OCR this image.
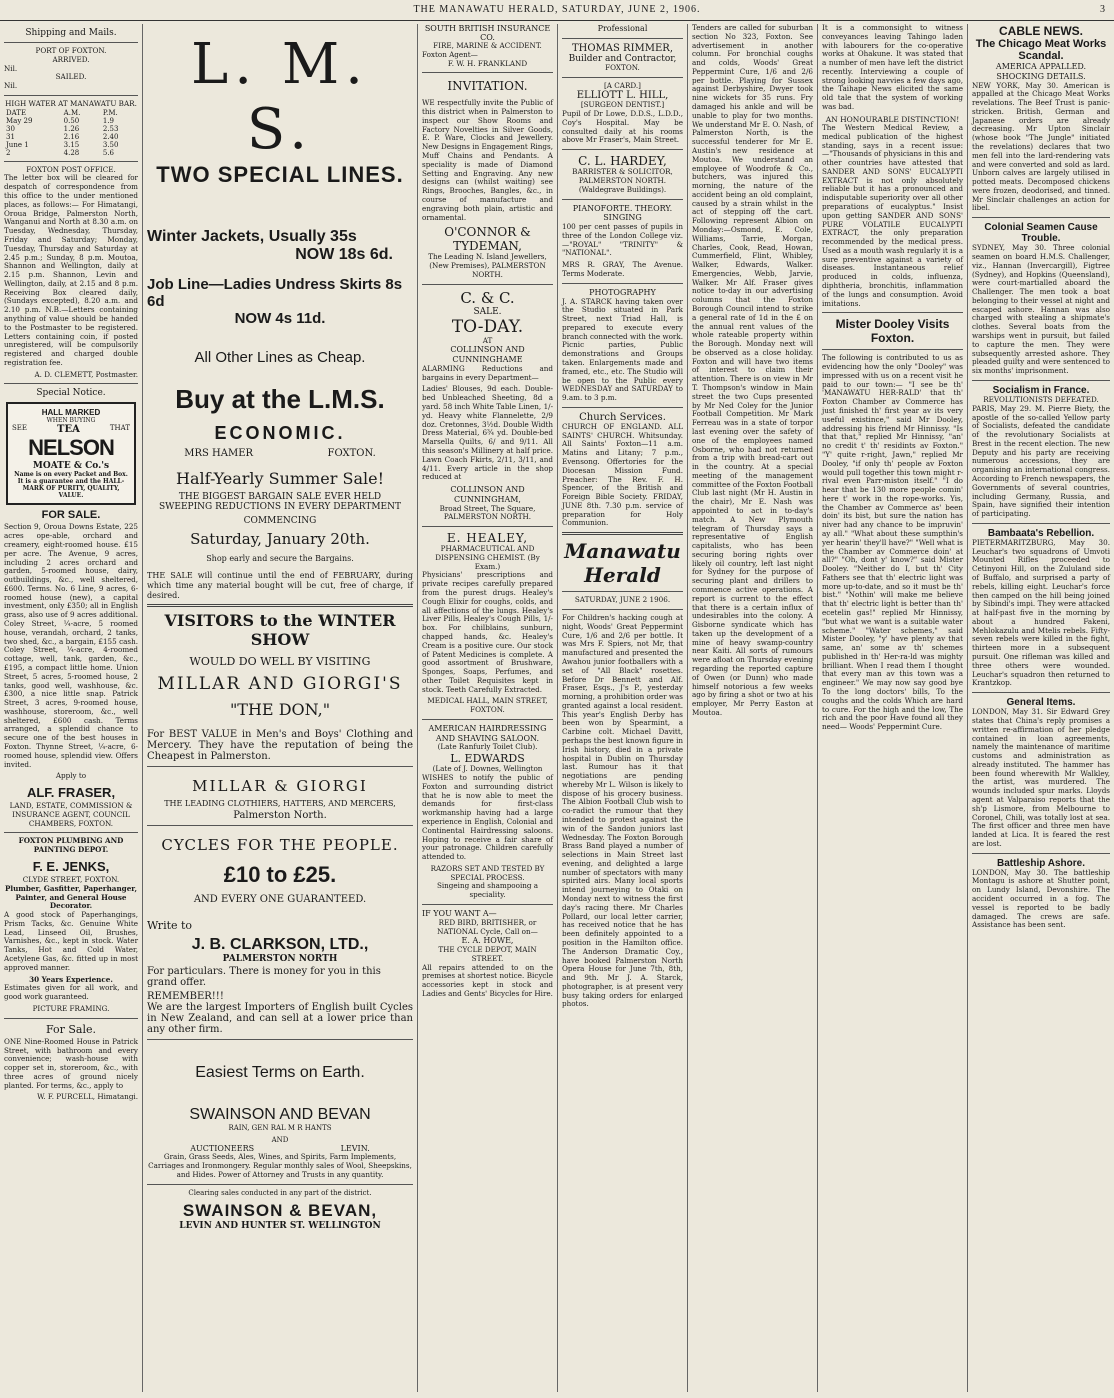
THE MANAWATU HERALD, SATURDAY, JUNE 2, 1906.	3
Shipping and Mails.
PORT OF FOXTON.
ARRIVED.
Nil.
SAILED.
Nil.
HIGH WATER AT MANAWATU BAR.
DATE	A.M.	P.M.
May 29	0.50	1.9
30	1.26	2.53
31	2.16	2.40
June 1	3.15	3.50
2	4.28	5.6
FOXTON POST OFFICE.

The letter box will be cleared for despatch of correspondence from this office to the under mentioned places, as follows:— For Himatangi, Oroua Bridge, Palmerston North, Wanganui and North at 8.30 a.m. on Tuesday, Wednesday, Thursday, Friday and Saturday; Monday, Tuesday, Thursday and Saturday at 2.45 p.m.; Sunday, 8 p.m. Moutoa, Shannon and Wellington, daily at 2.15 p.m. Shannon, Levin and Wellington, daily, at 2.15 and 8 p.m. Receiving Box cleared daily, (Sundays excepted), 8.20 a.m. and 2.10 p.m. N.B.—Letters containing anything of value should be handed to the Postmaster to be registered. Letters containing coin, if posted unregistered, will be compulsorily registered and charged double registration fee.

A. D. CLEMETT, Postmaster.

Special Notice.
HALL MARKED
WHEN BUYING
SEE	TEA	THAT
NELSON
MOATE & Co.'s
Name is on every Packet and Box. It is a guarantee and the HALL-MARK OF PURITY, QUALITY, VALUE.
FOR SALE.

Section 9, Oroua Downs Estate, 225 acres ope-able, orchard and creamery, eight-roomed house. £15 per acre. The Avenue, 9 acres, including 2 acres orchard and garden, 5-roomed house, dairy, outbuildings, &c., well sheltered, £600. Terms. No. 6 Line, 9 acres, 6-roomed house (new), a capital investment, only £350; all in English grass, also use of 9 acres additional. Coley Street, ¼-acre, 5 roomed house, verandah, orchard, 2 tanks, two shed, &c., a bargain, £155 cash. Coley Street, ¼-acre, 4-roomed cottage, well, tank, garden, &c., £195, a compact little home. Union Street, 5 acres, 5-roomed house, 2 tanks, good well, washhouse, &c. £300, a nice little snap. Patrick Street, 3 acres, 9-roomed house, washhouse, storeroom, &c., well sheltered, £600 cash. Terms arranged, a splendid chance to secure one of the best houses in Foxton. Thynne Street, ¼-acre, 6-roomed house, splendid view. Offers invited.

Apply to
ALF. FRASER,
LAND, ESTATE, COMMISSION & INSURANCE AGENT, COUNCIL CHAMBERS, FOXTON.
FOXTON PLUMBING AND PAINTING DEPOT.
F. E. JENKS,
CLYDE STREET, FOXTON.
Plumber, Gasfitter, Paperhanger, Painter, and General House Decorator.

A good stock of Paperhangings, Prism Tacks, &c. Genuine White Lead, Linseed Oil, Brushes, Varnishes, &c., kept in stock. Water Tanks, Hot and Cold Water, Acetylene Gas, &c. fitted up in most approved manner.

30 Years Experience.

Estimates given for all work, and good work guaranteed.

PICTURE FRAMING.
For Sale.

ONE Nine-Roomed House in Patrick Street, with bathroom and every convenience; wash-house with copper set in, storeroom, &c., with three acres of ground nicely planted. For terms, &c., apply to

W. F. PURCELL, Himatangi.

L. M. S.
TWO SPECIAL LINES.
Winter Jackets, Usually 35s
NOW 18s 6d.
Job Line—Ladies Undress Skirts 8s 6d
NOW 4s 11d.
All Other Lines as Cheap.
Buy at the L.M.S.
ECONOMIC.
MRS HAMER	FOXTON.
Half-Yearly Summer Sale!
THE BIGGEST BARGAIN SALE EVER HELD
SWEEPING REDUCTIONS IN EVERY DEPARTMENT
COMMENCING
Saturday, January 20th.
Shop early and secure the Bargains.

THE SALE will continue until the end of FEBRUARY, during which time any material bought will be cut, free of charge, if desired.

VISITORS to the WINTER SHOW
WOULD DO WELL BY VISITING
MILLAR AND GIORGI'S
"THE DON,"

For BEST VALUE in Men's and Boys' Clothing and Mercery. They have the reputation of being the Cheapest in Palmerston.

MILLAR & GIORGI
THE LEADING CLOTHIERS, HATTERS, AND MERCERS,
Palmerston North.
CYCLES FOR THE PEOPLE.
£10 to £25.
AND EVERY ONE GUARANTEED.
Write to
J. B. CLARKSON, LTD.,
PALMERSTON NORTH

For particulars. There is money for you in this grand offer.

REMEMBER!!!

We are the largest Importers of English built Cycles in New Zealand, and can sell at a lower price than any other firm.

Easiest Terms on Earth.
SWAINSON AND BEVAN
RAIN, GEN RAL M R HANTS
AND
AUCTIONEERS	LEVIN.

Grain, Grass Seeds, Ales, Wines, and Spirits, Farm Implements, Carriages and Ironmongery. Regular monthly sales of Wool, Sheepskins, and Hides. Power of Attorney and Trusts in any quantity.

Clearing sales conducted in any part of the district.
SWAINSON & BEVAN,
LEVIN AND HUNTER ST. WELLINGTON
SOUTH BRITISH INSURANCE CO.
FIRE, MARINE & ACCIDENT.
Foxton Agent—
F. W. H. FRANKLAND
INVITATION.

WE respectfully invite the Public of this district when in Palmerston to inspect our Show Rooms and Factory Novelties in Silver Goods, E. P. Ware, Clocks and Jewellery. New Designs in Engagement Rings, Muff Chains and Pendants. A speciality is made of Diamond Setting and Engraving. Any new designs can (whilst waiting) see Rings, Brooches, Bangles, &c., in course of manufacture and engraving both plain, artistic and ornamental.

O'CONNOR & TYDEMAN,
The Leading N. Island Jewellers, (New Premises), PALMERSTON NORTH.
C. & C.
SALE.
TO-DAY.
AT
COLLINSON AND CUNNINGHAME

ALARMING Reductions and bargains in every Department—

Ladies' Blouses, 9d each. Double-bed Unbleached Sheeting, 8d a yard. 58 inch White Table Linen, 1/- yd. Heavy white Flannelette, 2/9 doz. Cretonnes, 3½d. Double Width Dress Material, 6¾ yd. Double-bed Marsella Quilts, 6/ and 9/11. All this season's Millinery at half price. Lawn Coach Fkirts, 2/11, 3/11, and 4/11. Every article in the shop reduced at

COLLINSON AND CUNNINGHAM,
Broad Street, The Square, PALMERSTON NORTH.
E. HEALEY,
PHARMACEUTICAL AND DISPENSING CHEMIST. (By Exam.)

Physicians' prescriptions and private recipes carefully prepared from the purest drugs. Healey's Cough Elixir for coughs, colds, and all affections of the lungs. Healey's Liver Pills, Healey's Cough Pills, 1/- box. For chilblains, sunburn, chapped hands, &c. Healey's Cream is a positive cure. Our stock of Patent Medicines is complete. A good assortment of Brushware, Sponges, Soaps, Perfumes, and other Toilet Requisites kept in stock. Teeth Carefully Extracted.

MEDICAL HALL, MAIN STREET, FOXTON.
AMERICAN HAIRDRESSING AND SHAVING SALOON.
(Late Ranfurly Toilet Club).
L. EDWARDS
(Late of J. Downes, Wellington

WISHES to notify the public of Foxton and surrounding district that he is now able to meet the demands for first-class workmanship having had a large experience in English, Colonial and Continental Hairdressing saloons. Hoping to receive a fair share of your patronage. Children carefully attended to.

RAZORS SET AND TESTED BY SPECIAL PROCESS.
Singeing and shampooing a speciality.
IF YOU WANT A—
RED BIRD, BRITISHER, or NATIONAL Cycle, Call on—
E. A. HOWE,
THE CYCLE DEPOT, MAIN STREET.

All repairs attended to on the premises at shortest notice. Bicycle accessories kept in stock and Ladies and Gents' Bicycles for Hire.

Professional
THOMAS RIMMER,
Builder and Contractor,
FOXTON.
[A CARD.]
ELLIOTT L. HILL,
[SURGEON DENTIST.]

Pupil of Dr Lowe, D.D.S., L.D.D., Coy's Hospital. May be consulted daily at his rooms above Mr Fraser's, Main Street.

C. L. HARDEY,
BARRISTER & SOLICITOR, PALMERSTON NORTH.
(Waldegrave Buildings).
PIANOFORTE. THEORY. SINGING

100 per cent passes of pupils in three of the London College viz.—"ROYAL" "TRINITY" & "NATIONAL".

MRS R. GRAY, The Avenue. Terms Moderate.

PHOTOGRAPHY

J. A. STARCK having taken over the Studio situated in Park Street, next Triad Hall, is prepared to execute every branch connected with the work. Picnic parties, Public demonstrations and Groups taken. Enlargements made and framed, etc., etc. The Studio will be open to the Public every WEDNESDAY and SATURDAY to 9.am. to 3 p.m.

Church Services.

CHURCH OF ENGLAND. ALL SAINTS' CHURCH. Whitsunday. All Saints' Foxton—11 a.m. Matins and Litany; 7 p.m., Evensong. Offertories for the Diocesan Mission Fund. Preacher: The Rev. F. H. Spencer, of the British and Foreign Bible Society. FRIDAY, JUNE 8th. 7.30 p.m. service of preparation for Holy Communion.

Manawatu Herald
SATURDAY, JUNE 2 1906.

For Children's hacking cough at night, Woods' Great Peppermint Cure, 1/6 and 2/6 per bottle. It was Mrs F. Spiers, not Mr, that manufactured and presented the Awahou junior footballers with a set of "All Black" rosettes. Before Dr Bennett and Alf. Fraser, Esqs., J's P., yesterday morning, a prohibition order was granted against a local resident. This year's English Derby has been won by Spearmint, a Carbine colt. Michael Davitt, perhaps the best known figure in Irish history, died in a private hospital in Dublin on Thursday last. Rumour has it that negotiations are pending whereby Mr L. Wilson is likely to dispose of his grocery business. The Albion Football Club wish to co-radict the rumour that they intended to protest against the win of the Sandon juniors last Wednesday. The Foxton Borough Brass Band played a number of selections in Main Street last evening, and delighted a large number of spectators with many spirited airs. Many local sports intend journeying to Otaki on Monday next to witness the first day's racing there. Mr Charles Pollard, our local letter carrier, has received notice that he has been definitely appointed to a position in the Hamilton office. The Anderson Dramatic Coy., have booked Palmerston North Opera House for June 7th, 8th, and 9th. Mr J. A. Starck, photographer, is at present very busy taking orders for enlarged photos.

Tenders are called for suburban section No 323, Foxton. See advertisement in another column. For bronchial coughs and colds, Woods' Great Peppermint Cure, 1/6 and 2/6 per bottle. Playing for Sussex against Derbyshire, Dwyer took nine wickets for 35 runs. Fry damaged his ankle and will be unable to play for two months. We understand Mr E. O. Nash, of Palmerston North, is the successful tenderer for Mr E. Austin's new residence at Moutoa. We understand an employee of Woodrofe & Co., butchers, was injured this morning, the nature of the accident being an old complaint, caused by a strain whilst in the act of stepping off the cart. Following represent Albion on Monday:—Osmond, E. Cole, Williams, Tarrie, Morgan, Charles, Cook, Read, Howan, Cummerfield, Flint, Whibley, Walker, Edwards, Walker. Emergencies, Webb, Jarvie, Walker. Mr Alf. Fraser gives notice to-day in our advertising columns that the Foxton Borough Council intend to strike a general rate of 1d in the £ on the annual rent values of the whole rateable property within the Borough. Monday next will be observed as a close holiday. Foxton and will have two items of interest to claim their attention. There is on view in Mr T. Thompson's window in Main street the two Cups presented by Mr Ned Coley for the Junior Football Competition. Mr Mark Ferreau was in a state of torpor last evening over the safety of one of the employees named Osborne, who had not returned from a trip with bread-cart out in the country. At a special meeting of the management committee of the Foxton Football Club last night (Mr H. Austin in the chair), Mr E. Nash was appointed to act in to-day's match. A New Plymouth telegram of Thursday says a representative of English capitalists, who has been securing boring rights over likely oil country, left last night for Sydney for the purpose of securing plant and drillers to commence active operations. A report is current to the effect that there is a certain influx of undesirables into the colony. A Gisborne syndicate which has taken up the development of a mine of heavy swamp-country near Kaiti. All sorts of rumours were afloat on Thursday evening regarding the reported capture of Owen (or Dunn) who made himself notorious a few weeks ago by firing a shot or two at his employer, Mr Perry Easton at Moutoa.

It is a commonsight to witness conveyances leaving Tahingo laden with labourers for the co-operative works at Ohakune. It was stated that a number of men have left the district recently. Interviewing a couple of strong looking navvies a few days ago, the Taihape News elicited the same old tale that the system of working was bad.

AN HONOURABLE DISTINCTION!

The Western Medical Review, a medical publication of the highest standing, says in a recent issue:—"Thousands of physicians in this and other countries have attested that SANDER AND SONS' EUCALYPTI EXTRACT is not only absolutely reliable but it has a pronounced and indisputable superiority over all other preparations of eucalyptus." Insist upon getting SANDER AND SONS' PURE VOLATILE EUCALYPTI EXTRACT, the only preparation recommended by the medical press. Used as a mouth wash regularly it is a sure preventive against a variety of diseases. Instantaneous relief produced in colds, influenza, diphtheria, bronchitis, inflammation of the lungs and consumption. Avoid imitations.

Mister Dooley Visits Foxton.

The following is contributed to us as evidencing how the only "Dooley" was impressed with us on a recent visit he paid to our town:— "I see be th' 'MANAWATU HER-RALD' that th' Foxton Chamber av Commerce has just finished th' first year av its very useful existince," said Mr Dooley, addressing his friend Mr Hinnissy. "Is that that," replied Mr Hinnissy, "an' no credit t' th' residints av Foxton." "Y' quite r-right, Jawn," replied Mr Dooley, "if only th' people av Foxton would pull together this town might r-rival even Parr-miston itself." "I do hear that be 130 more people comin' here t' work in the rope-works. Yis, the Chamber av Commerce as' been doin' its bist, but sure the nation has niver had any chance to be impruvin' ay all." "What about these sumpthin's yer hearin' they'll have?" "Well what is the Chamber av Commerce doin' at all?" "Oh, dont y' know?" said Mister Dooley. "Neither do I, but th' City Fathers see that th' electric light was more up-to-date, and so it must be th' bist." "Nothin' will make me believe that th' electric light is better than th' ecetelin gas!" replied Mr Hinnissy, "but what we want is a suitable water scheme." "Water schemes," said Mister Dooley, "y' have plenty av that same, an' some av th' schemes published in th' Her-ra-ld was mighty brilliant. When I read them I thought that every man av this town was a engineer." We may now say good bye To the long doctors' bills, To the coughs and the colds Which are hard to cure. For the high and the low, The rich and the poor Have found all they need— Woods' Peppermint Cure.

CABLE NEWS.
The Chicago Meat Works Scandal.
AMERICA APPALLED.
SHOCKING DETAILS.

NEW YORK, May 30. American is appalled at the Chicago Meat Works revelations. The Beef Trust is panic-stricken. British, German and Japanese orders are already decreasing. Mr Upton Sinclair (whose book "The Jungle" initiated the revelations) declares that two men fell into the lard-rendering vats and were converted and sold as lard. Unborn calves are largely utilised in potted meats. Decomposed chickens were frozen, deodorised, and tinned. Mr Sinclair challenges an action for libel.

Colonial Seamen Cause Trouble.

SYDNEY, May 30. Three colonial seamen on board H.M.S. Challenger, viz., Hannan (Invercargill), Figtree (Sydney), and Hopkins (Queensland), were court-martialled aboard the Challenger. The men took a boat belonging to their vessel at night and escaped ashore. Hannan was also charged with stealing a shipmate's clothes. Several boats from the warships went in pursuit, but failed to capture the men. They were subsequently arrested ashore. They pleaded guilty and were sentenced to six months' imprisonment.

Socialism in France.
REVOLUTIONISTS DEFEATED.

PARIS, May 29. M. Pierre Biety, the apostle of the so-called Yellow party of Socialists, defeated the candidate of the revolutionary Socialists at Brest in the recent election. The new Deputy and his party are receiving numerous accessions, they are organising an international congress. According to French newspapers, the Governments of several countries, including Germany, Russia, and Spain, have signified their intention of participating.

Bambaata's Rebellion.

PIETERMARITZBURG, May 30. Leuchar's two squadrons of Umvoti Mounted Rifles proceeded to Cetinyoni Hill, on the Zululand side of Buffalo, and surprised a party of rebels, killing eight. Leuchar's force then camped on the hill being joined by Sibindi's impi. They were attacked at half-past five in the morning by about a hundred Fakeni, Mehlokazulu and Mtelis rebels. Fifty-seven rebels were killed in the fight, thirteen more in a subsequent pursuit. One rifleman was killed and three others were wounded. Leuchar's squadron then returned to Krantzkop.

General Items.

LONDON, May 31. Sir Edward Grey states that China's reply promises a written re-affirmation of her pledge contained in loan agreements, namely the maintenance of maritime customs and administration as already instituted. The hammer has been found wherewith Mr Walkley, the artist, was murdered. The wounds included spur marks. Lloyds agent at Valparaiso reports that the sh'p Lismore, from Melbourne to Coronel, Chili, was totally lost at sea. The first officer and three men have landed at Lica. It is feared the rest are lost.

Battleship Ashore.

LONDON, May 30. The battleship Montagu is ashore at Shutter point, on Lundy Island, Devonshire. The accident occurred in a fog. The vessel is reported to be badly damaged. The crews are safe. Assistance has been sent.
